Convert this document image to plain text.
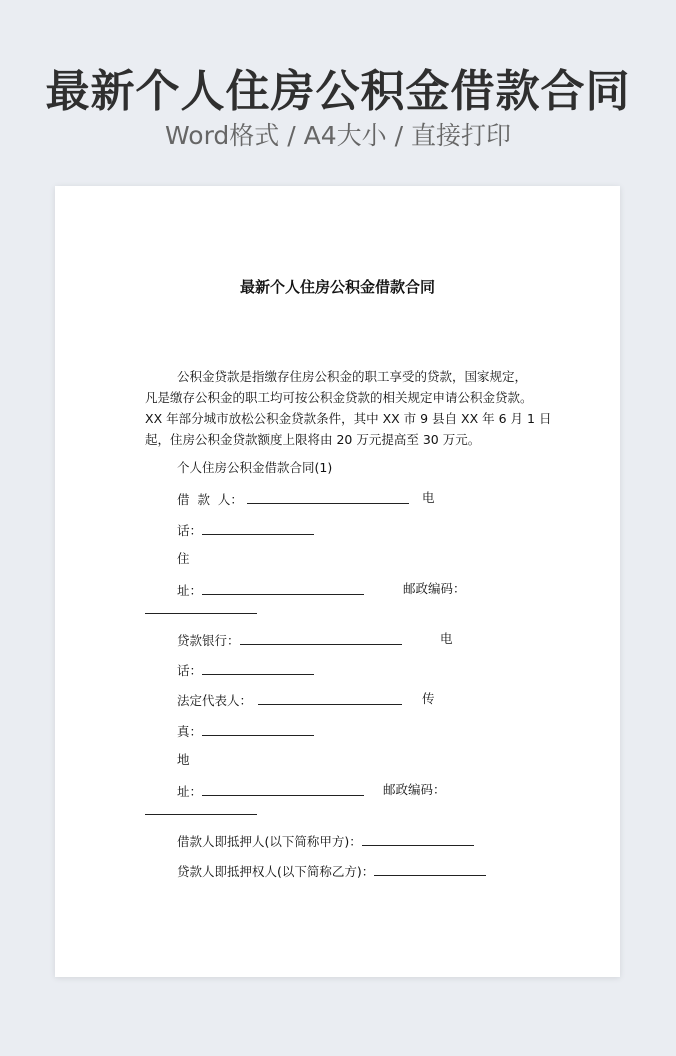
最新个人住房公积金借款合同
Word格式 / A4大小 / 直接打印
最新个人住房公积金借款合同
公积金贷款是指缴存住房公积金的职工享受的贷款，国家规定，
凡是缴存公积金的职工均可按公积金贷款的相关规定申请公积金贷款。
XX 年部分城市放松公积金贷款条件，其中 XX 市 9 县自 XX 年 6 月 1 日
起，住房公积金贷款额度上限将由 20 万元提高至 30 万元。
个人住房公积金借款合同(1)
借  款  人：	电
话：
住
址：	邮政编码：
贷款银行：	电
话：
法定代表人：	传
真：
地
址：	邮政编码：
借款人即抵押人(以下简称甲方)：
贷款人即抵押权人(以下简称乙方)：
